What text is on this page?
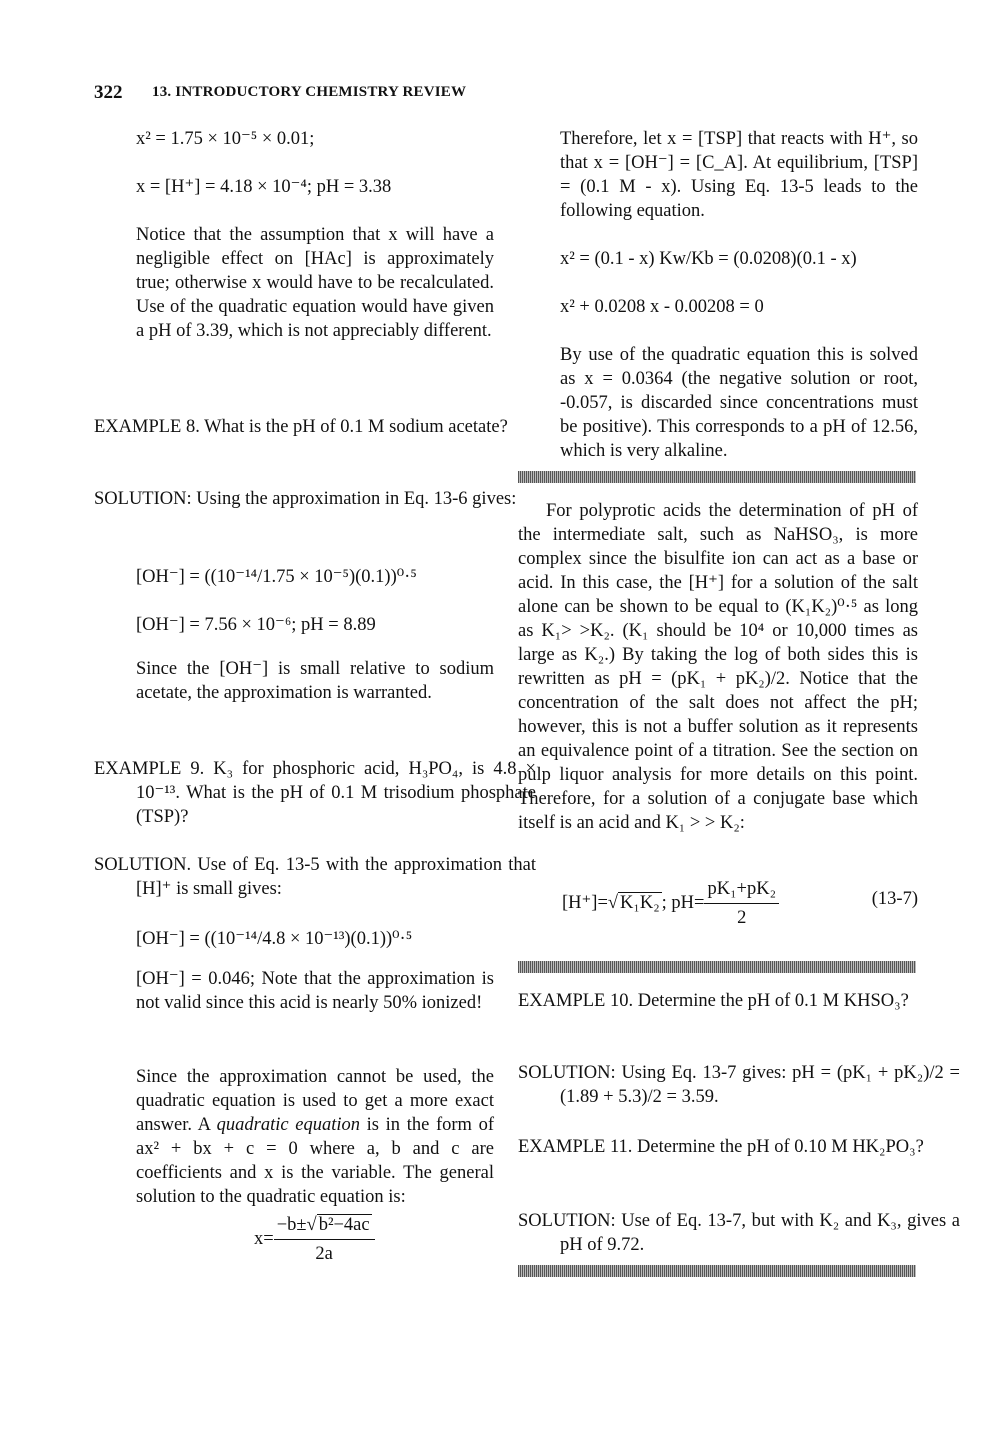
322 13. INTRODUCTORY CHEMISTRY REVIEW
x² = 1.75 × 10⁻⁵ × 0.01;
x = [H⁺] = 4.18 × 10⁻⁴; pH = 3.38
Notice that the assumption that x will have a negligible effect on [HAc] is approximately true; otherwise x would have to be recalculated. Use of the quadratic equation would have given a pH of 3.39, which is not appreciably different.
EXAMPLE 8. What is the pH of 0.1 M sodium acetate?
SOLUTION: Using the approximation in Eq. 13-6 gives:
[OH⁻] = ((10⁻¹⁴/1.75 × 10⁻⁵)(0.1))⁰·⁵
[OH⁻] = 7.56 × 10⁻⁶; pH = 8.89
Since the [OH⁻] is small relative to sodium acetate, the approximation is warranted.
EXAMPLE 9. K₃ for phosphoric acid, H₃PO₄, is 4.8 × 10⁻¹³. What is the pH of 0.1 M trisodium phosphate (TSP)?
SOLUTION. Use of Eq. 13-5 with the approximation that [H]⁺ is small gives:
[OH⁻] = ((10⁻¹⁴/4.8 × 10⁻¹³)(0.1))⁰·⁵
[OH⁻] = 0.046; Note that the approximation is not valid since this acid is nearly 50% ionized!
Since the approximation cannot be used, the quadratic equation is used to get a more exact answer. A quadratic equation is in the form of ax² + bx + c = 0 where a, b and c are coefficients and x is the variable. The general solution to the quadratic equation is:
$x= \frac{\text{−b±√ b²−4ac}}{2a}$
Therefore, let x = [TSP] that reacts with H⁺, so that x = [OH⁻] = [C_A]. At equilibrium, [TSP] = (0.1 M - x). Using Eq. 13-5 leads to the following equation.
x² = (0.1 - x) Kw/Kb = (0.0208)(0.1 - x)
x² + 0.0208 x - 0.00208 = 0
By use of the quadratic equation this is solved as x = 0.0364 (the negative solution or root, -0.057, is discarded since concentrations must be positive). This corresponds to a pH of 12.56, which is very alkaline.
For polyprotic acids the determination of pH of the intermediate salt, such as NaHSO₃, is more complex since the bisulfite ion can act as a base or acid. In this case, the [H⁺] for a solution of the salt alone can be shown to be equal to (K₁K₂)⁰·⁵ as long as K₁> >K₂. (K₁ should be 10⁴ or 10,000 times as large as K₂.) By taking the log of both sides this is rewritten as pH = (pK₁ + pK₂)/2. Notice that the concentration of the salt does not affect the pH; however, this is not a buffer solution as it represents an equivalence point of a titration. See the section on pulp liquor analysis for more details on this point. Therefore, for a solution of a conjugate base which itself is an acid and K₁ > > K₂:
[H⁺]=√ K₁K₂ ; $pH= \frac{\text{pK₁+pK₂}}{2}$	(13-7)
EXAMPLE 10. Determine the pH of 0.1 M KHSO₃?
SOLUTION: Using Eq. 13-7 gives: pH = (pK₁ + pK₂)/2 = (1.89 + 5.3)/2 = 3.59.
EXAMPLE 11. Determine the pH of 0.10 M HK₂PO₃?
SOLUTION: Use of Eq. 13-7, but with K₂ and K₃, gives a pH of 9.72.
